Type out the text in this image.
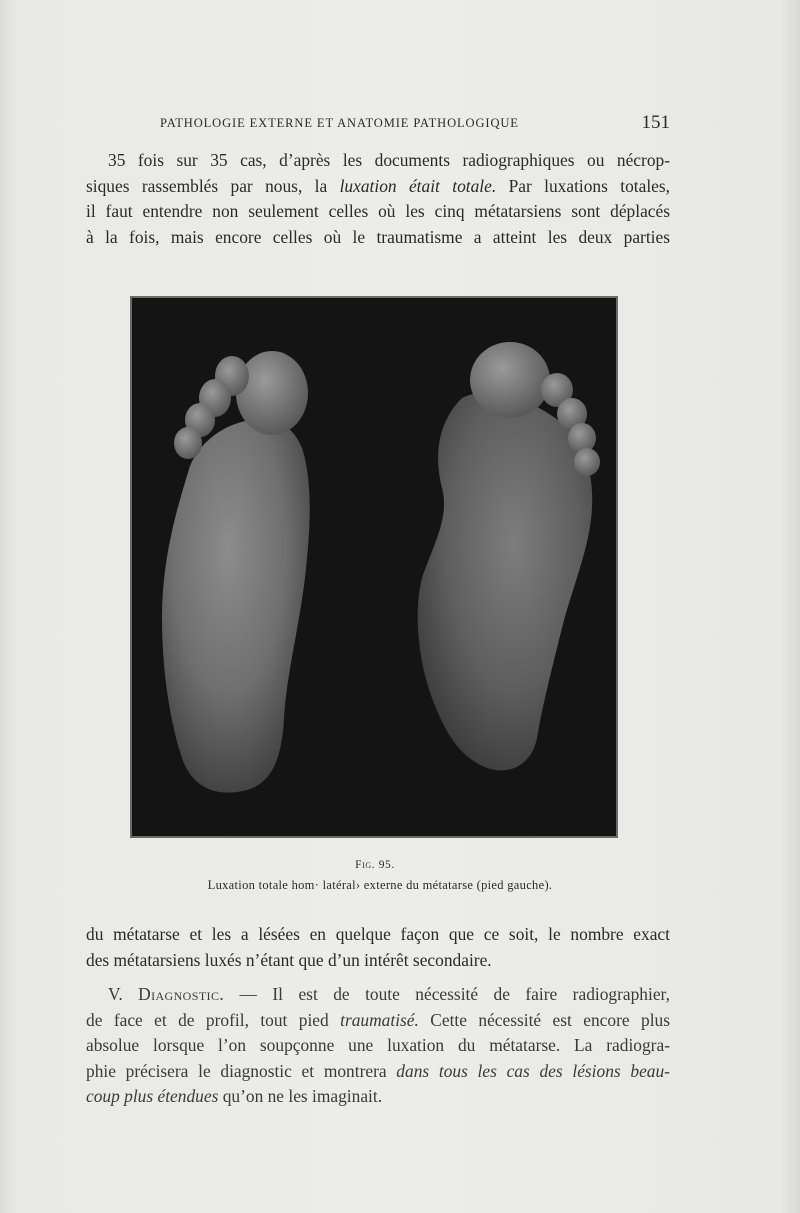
PATHOLOGIE EXTERNE ET ANATOMIE PATHOLOGIQUE	151
35 fois sur 35 cas, d’après les documents radiographiques ou nécrop-
siques rassemblés par nous, la luxation était totale. Par luxations totales,
il faut entendre non seulement celles où les cinq métatarsiens sont déplacés
à la fois, mais encore celles où le traumatisme a atteint les deux parties
Fig. 95.
Luxation totale hom· latéral› externe du métatarse (pied gauche).
du métatarse et les a lésées en quelque façon que ce soit, le nombre exact
des métatarsiens luxés n’étant que d’un intérêt secondaire.
V. Diagnostic. — Il est de toute nécessité de faire radiographier,
de face et de profil, tout pied traumatisé. Cette nécessité est encore plus
absolue lorsque l’on soupçonne une luxation du métatarse. La radiogra-
phie précisera le diagnostic et montrera dans tous les cas des lésions beau-
coup plus étendues qu’on ne les imaginait.
